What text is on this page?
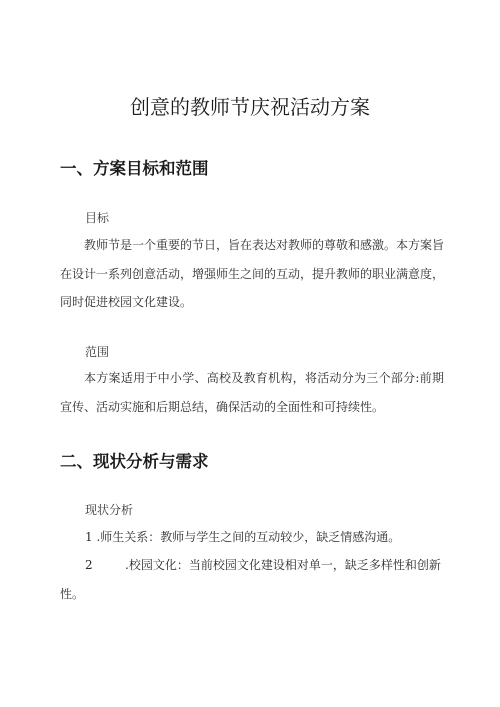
创意的教师节庆祝活动方案
一、方案目标和范围
目标

教师节是一个重要的节日，旨在表达对教师的尊敬和感激。本方案旨在设计一系列创意活动，增强师生之间的互动，提升教师的职业满意度，同时促进校园文化建设。

范围

本方案适用于中小学、高校及教育机构，将活动分为三个部分:前期宣传、活动实施和后期总结，确保活动的全面性和可持续性。

二、现状分析与需求
现状分析

1 .师生关系：教师与学生之间的互动较少，缺乏情感沟通。

2	.校园文化：当前校园文化建设相对单一，缺乏多样性和创新性。
